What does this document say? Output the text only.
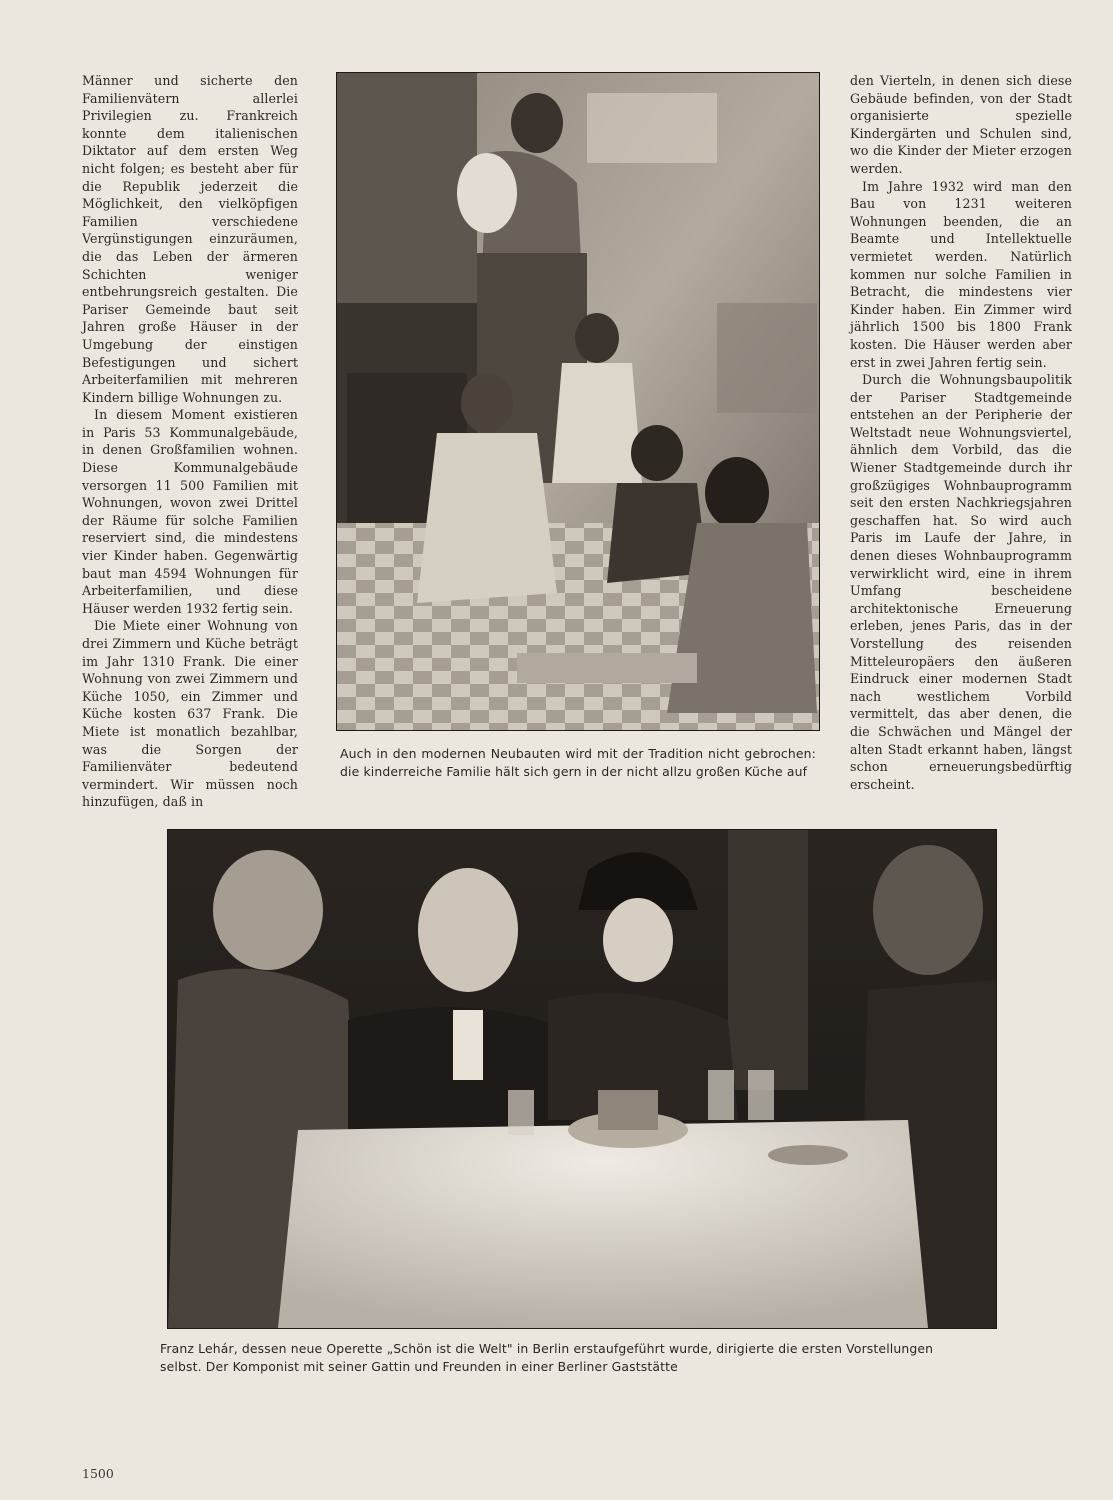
Männer und sicherte den Familienvätern allerlei Privilegien zu. Frankreich konnte dem italienischen Diktator auf dem ersten Weg nicht folgen; es besteht aber für die Republik jederzeit die Möglichkeit, den vielköpfigen Familien verschiedene Vergünstigungen einzuräumen, die das Leben der ärmeren Schichten weniger entbehrungsreich gestalten. Die Pariser Gemeinde baut seit Jahren große Häuser in der Umgebung der einstigen Befestigungen und sichert Arbeiterfamilien mit mehreren Kindern billige Wohnungen zu.

In diesem Moment existieren in Paris 53 Kommunalgebäude, in denen Großfamilien wohnen. Diese Kommunalgebäude versorgen 11 500 Familien mit Wohnungen, wovon zwei Drittel der Räume für solche Familien reserviert sind, die mindestens vier Kinder haben. Gegenwärtig baut man 4594 Wohnungen für Arbeiterfamilien, und diese Häuser werden 1932 fertig sein.

Die Miete einer Wohnung von drei Zimmern und Küche beträgt im Jahr 1310 Frank. Die einer Wohnung von zwei Zimmern und Küche 1050, ein Zimmer und Küche kosten 637 Frank. Die Miete ist monatlich bezahlbar, was die Sorgen der Familienväter bedeutend vermindert. Wir müssen noch hinzufügen, daß in

den Vierteln, in denen sich diese Gebäude befinden, von der Stadt organisierte spezielle Kindergärten und Schulen sind, wo die Kinder der Mieter erzogen werden.

Im Jahre 1932 wird man den Bau von 1231 weiteren Wohnungen beenden, die an Beamte und Intellektuelle vermietet werden. Natürlich kommen nur solche Familien in Betracht, die mindestens vier Kinder haben. Ein Zimmer wird jährlich 1500 bis 1800 Frank kosten. Die Häuser werden aber erst in zwei Jahren fertig sein.

Durch die Wohnungsbaupolitik der Pariser Stadtgemeinde entstehen an der Peripherie der Weltstadt neue Wohnungsviertel, ähnlich dem Vorbild, das die Wiener Stadtgemeinde durch ihr großzügiges Wohnbauprogramm seit den ersten Nachkriegsjahren geschaffen hat. So wird auch Paris im Laufe der Jahre, in denen dieses Wohnbauprogramm verwirklicht wird, eine in ihrem Umfang bescheidene architektonische Erneuerung erleben, jenes Paris, das in der Vorstellung des reisenden Mitteleuropäers den äußeren Eindruck einer modernen Stadt nach westlichem Vorbild vermittelt, das aber denen, die die Schwächen und Mängel der alten Stadt erkannt haben, längst schon erneuerungsbedürftig erscheint.

Auch in den modernen Neubauten wird mit der Tradition nicht gebrochen: die kinderreiche Familie hält sich gern in der nicht allzu großen Küche auf
Franz Lehár, dessen neue Operette „Schön ist die Welt" in Berlin erstaufgeführt wurde, dirigierte die ersten Vorstellungen
selbst. Der Komponist mit seiner Gattin und Freunden in einer Berliner Gaststätte
1500
